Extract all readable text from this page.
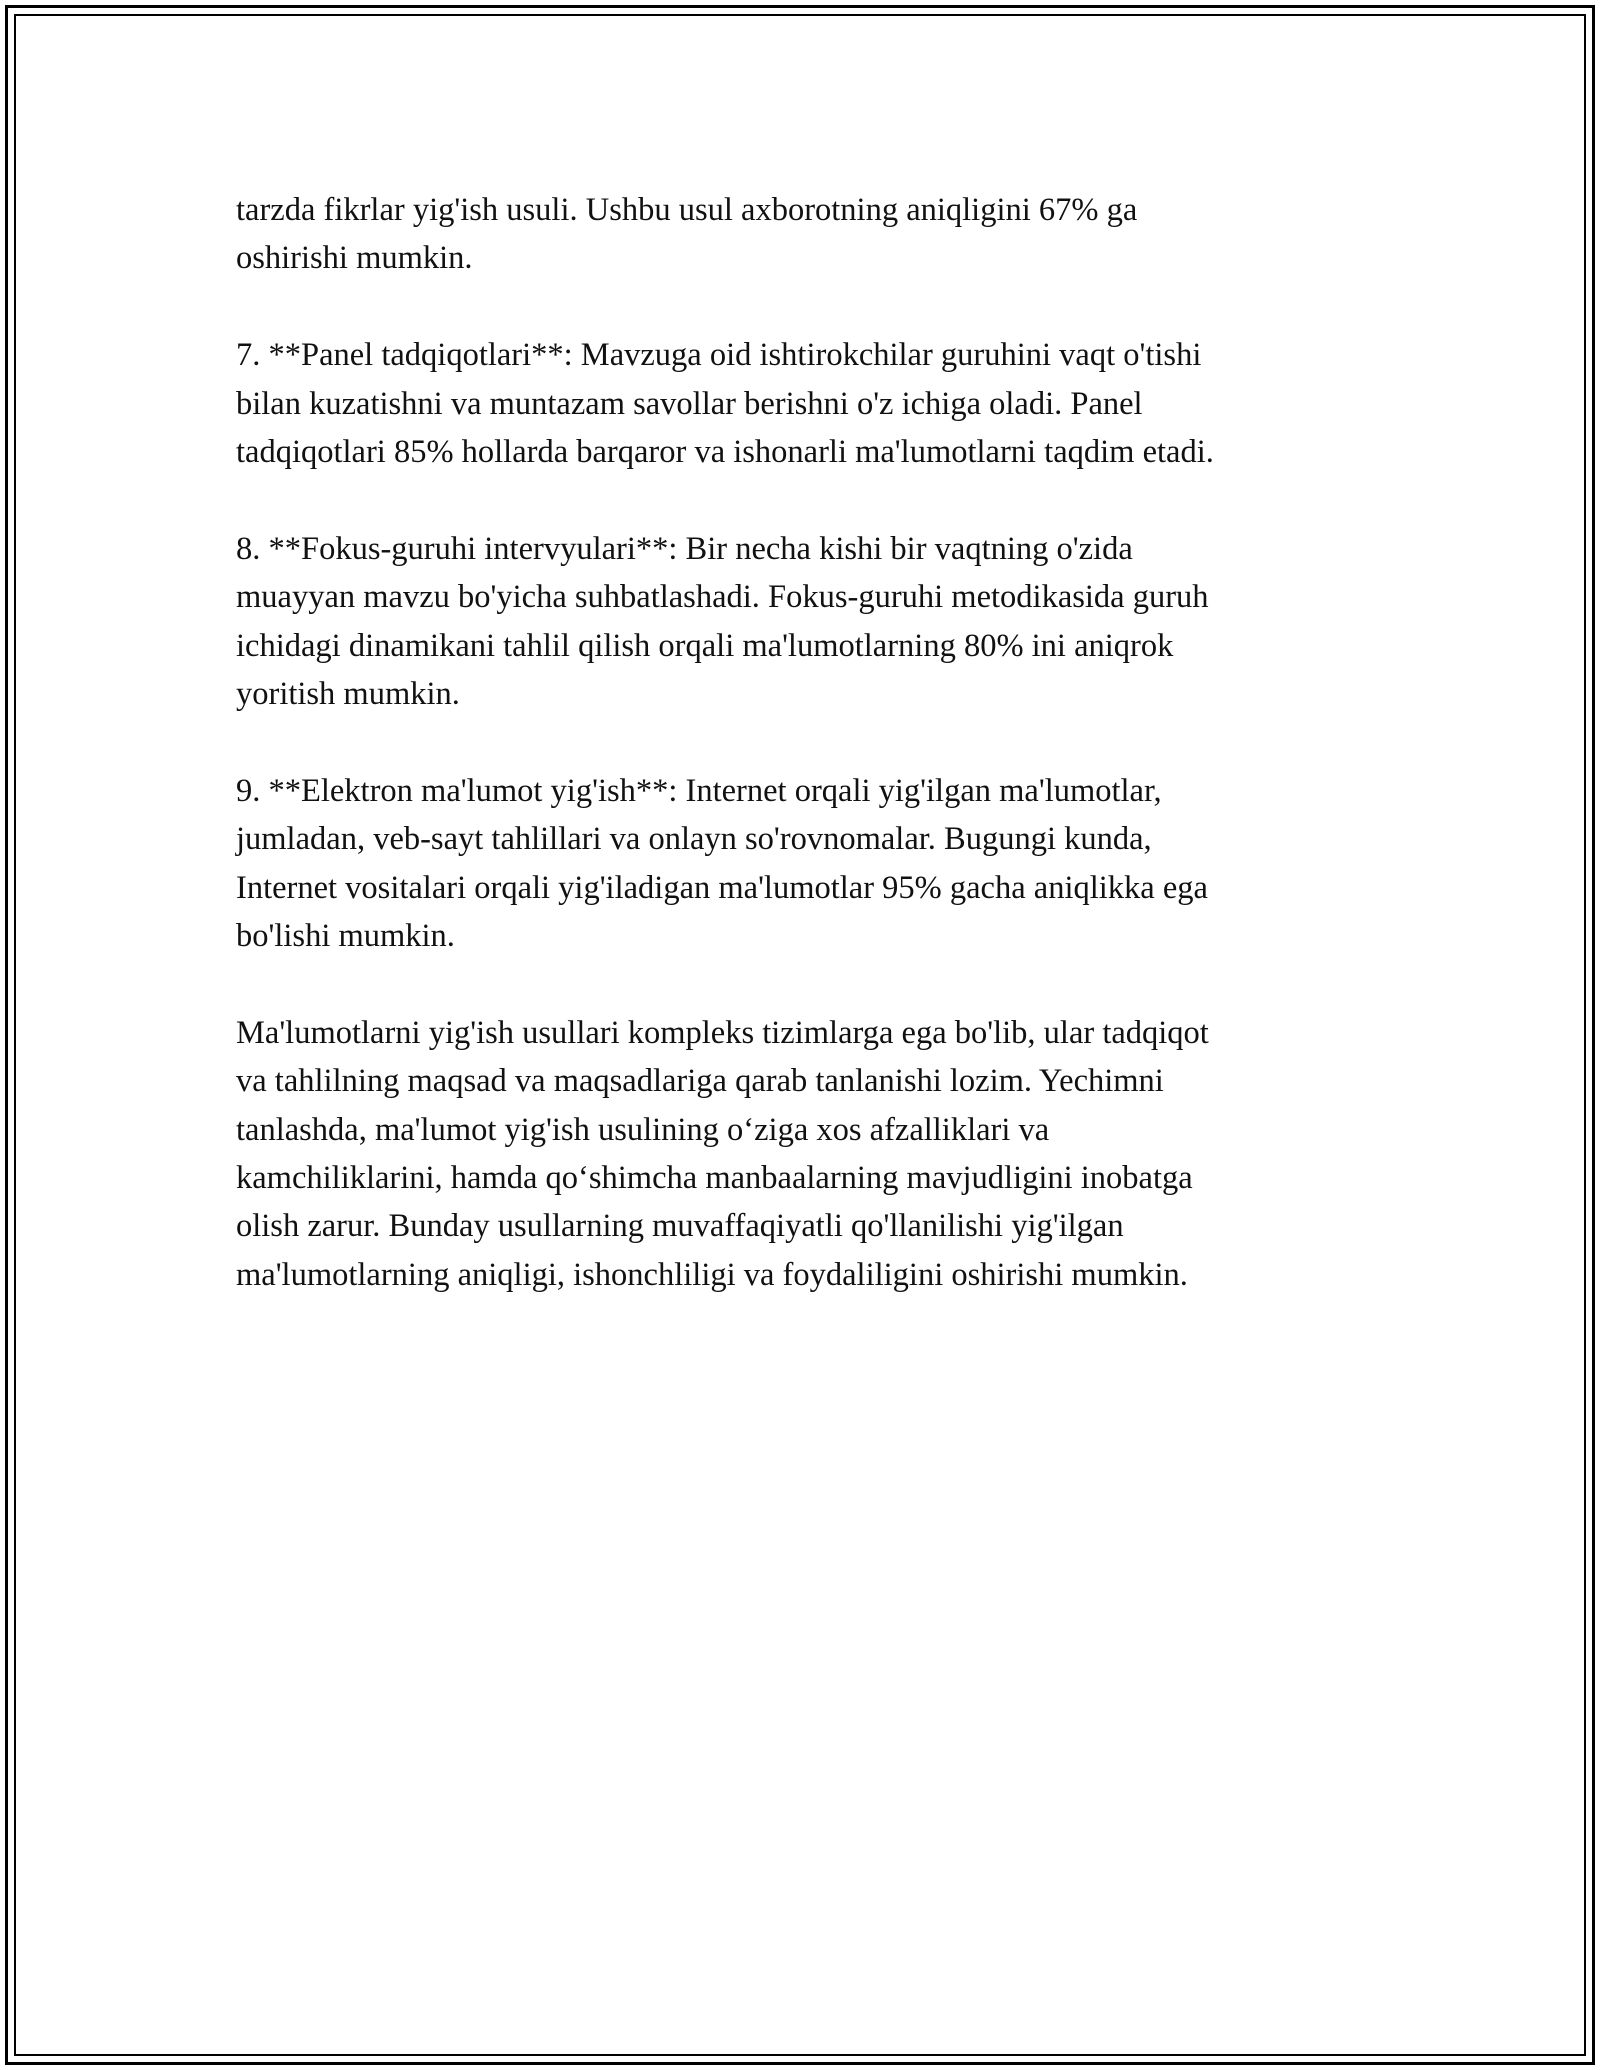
tarzda fikrlar yig'ish usuli. Ushbu usul axborotning aniqligini 67% ga
oshirishi mumkin.

7. **Panel tadqiqotlari**: Mavzuga oid ishtirokchilar guruhini vaqt o'tishi
bilan kuzatishni va muntazam savollar berishni o'z ichiga oladi. Panel
tadqiqotlari 85% hollarda barqaror va ishonarli ma'lumotlarni taqdim etadi.

8. **Fokus-guruhi intervyulari**: Bir necha kishi bir vaqtning o'zida
muayyan mavzu bo'yicha suhbatlashadi. Fokus-guruhi metodikasida guruh
ichidagi dinamikani tahlil qilish orqali ma'lumotlarning 80% ini aniqrok
yoritish mumkin.

9. **Elektron ma'lumot yig'ish**: Internet orqali yig'ilgan ma'lumotlar,
jumladan, veb-sayt tahlillari va onlayn so'rovnomalar. Bugungi kunda,
Internet vositalari orqali yig'iladigan ma'lumotlar 95% gacha aniqlikka ega
bo'lishi mumkin.

Ma'lumotlarni yig'ish usullari kompleks tizimlarga ega bo'lib, ular tadqiqot
va tahlilning maqsad va maqsadlariga qarab tanlanishi lozim. Yechimni
tanlashda, ma'lumot yig'ish usulining o‘ziga xos afzalliklari va
kamchiliklarini, hamda qo‘shimcha manbaalarning mavjudligini inobatga
olish zarur. Bunday usullarning muvaffaqiyatli qo'llanilishi yig'ilgan
ma'lumotlarning aniqligi, ishonchliligi va foydaliligini oshirishi mumkin.
